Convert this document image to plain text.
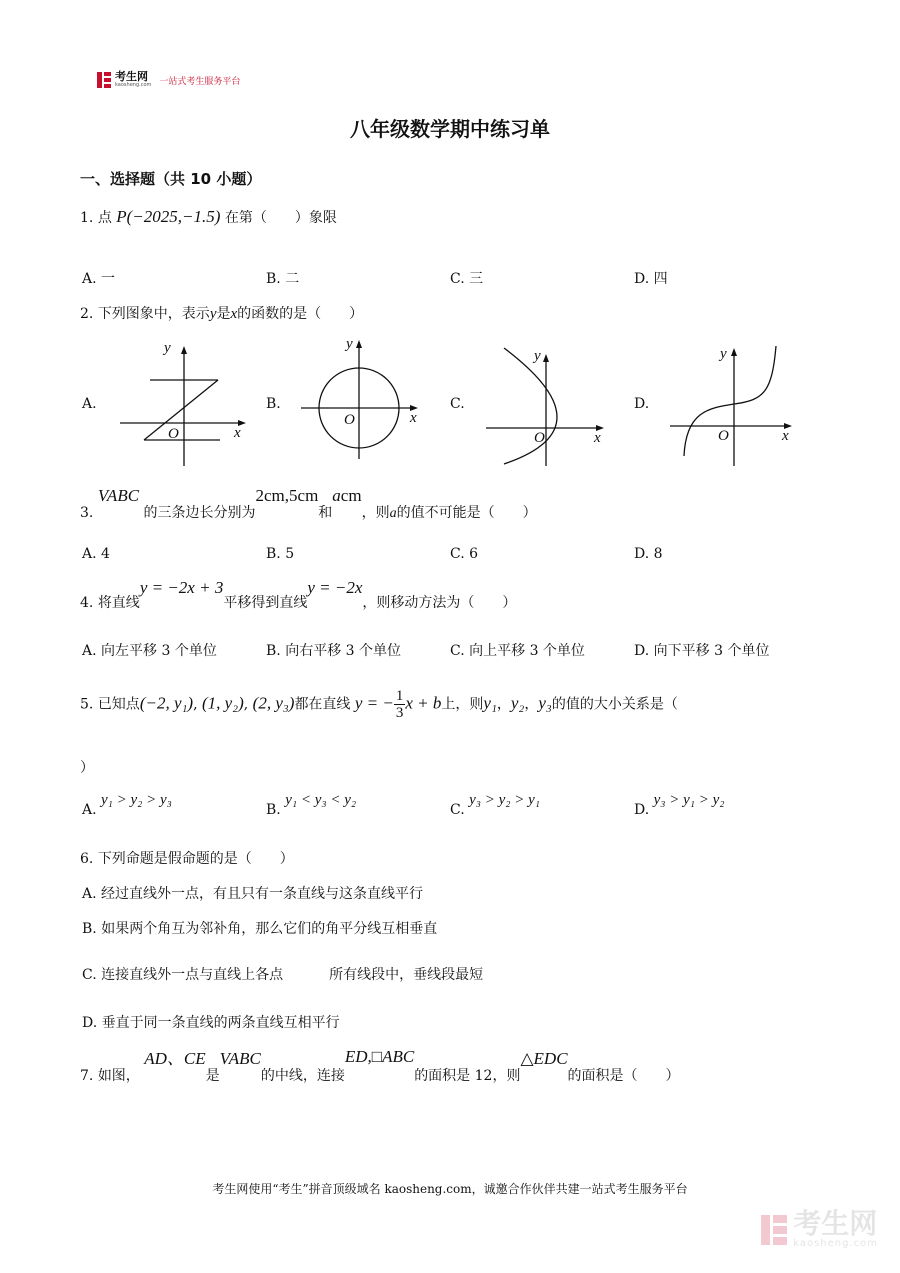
考生网
kaosheng.com 一站式考生服务平台
八年级数学期中练习单
一、选择题（共 10 小题）
1. 点 P(−2025,−1.5) 在第（　　）象限
A. 一	B. 二	C. 三	D. 四
2. 下列图象中，表示y是x的函数的是（　　）
A.	B.	C.	D.
y
x
O
y
x
O
y
x
O
y
x
O
3. VABC 的三条边长分别为2cm,5cm和acm，则a的值不可能是（　　）
A. 4	B. 5	C. 6	D. 8
4. 将直线y = −2x + 3平移得到直线y = −2x，则移动方法为（　　）
A. 向左平移 3 个单位	B. 向右平移 3 个单位	C. 向上平移 3 个单位	D. 向下平移 3 个单位
5. 已知点(−2, y₁), (1, y₂), (2, y₃)都在直线 y = − $\frac{1}{3}$ x + b上，则y₁，y₂，y₃的值的大小关系是（
）
A. y₁ > y₂ > y₃
B. y₁ < y₃ < y₂
C. y₃ > y₂ > y₁
D. y₃ > y₁ > y₂
6. 下列命题是假命题的是（　　）
A. 经过直线外一点，有且只有一条直线与这条直线平行
B. 如果两个角互为邻补角，那么它们的角平分线互相垂直
C. 连接直线外一点与直线上各点	所有线段中，垂线段最短
D. 垂直于同一条直线的两条直线互相平行
7. 如图， AD、CE是VABC的中线，连接ED,□ABC的面积是 12，则△EDC的面积是（　　）
考生网使用“考生”拼音顶级域名 kaosheng.com，诚邀合作伙伴共建一站式考生服务平台
考生网
kaosheng.com
